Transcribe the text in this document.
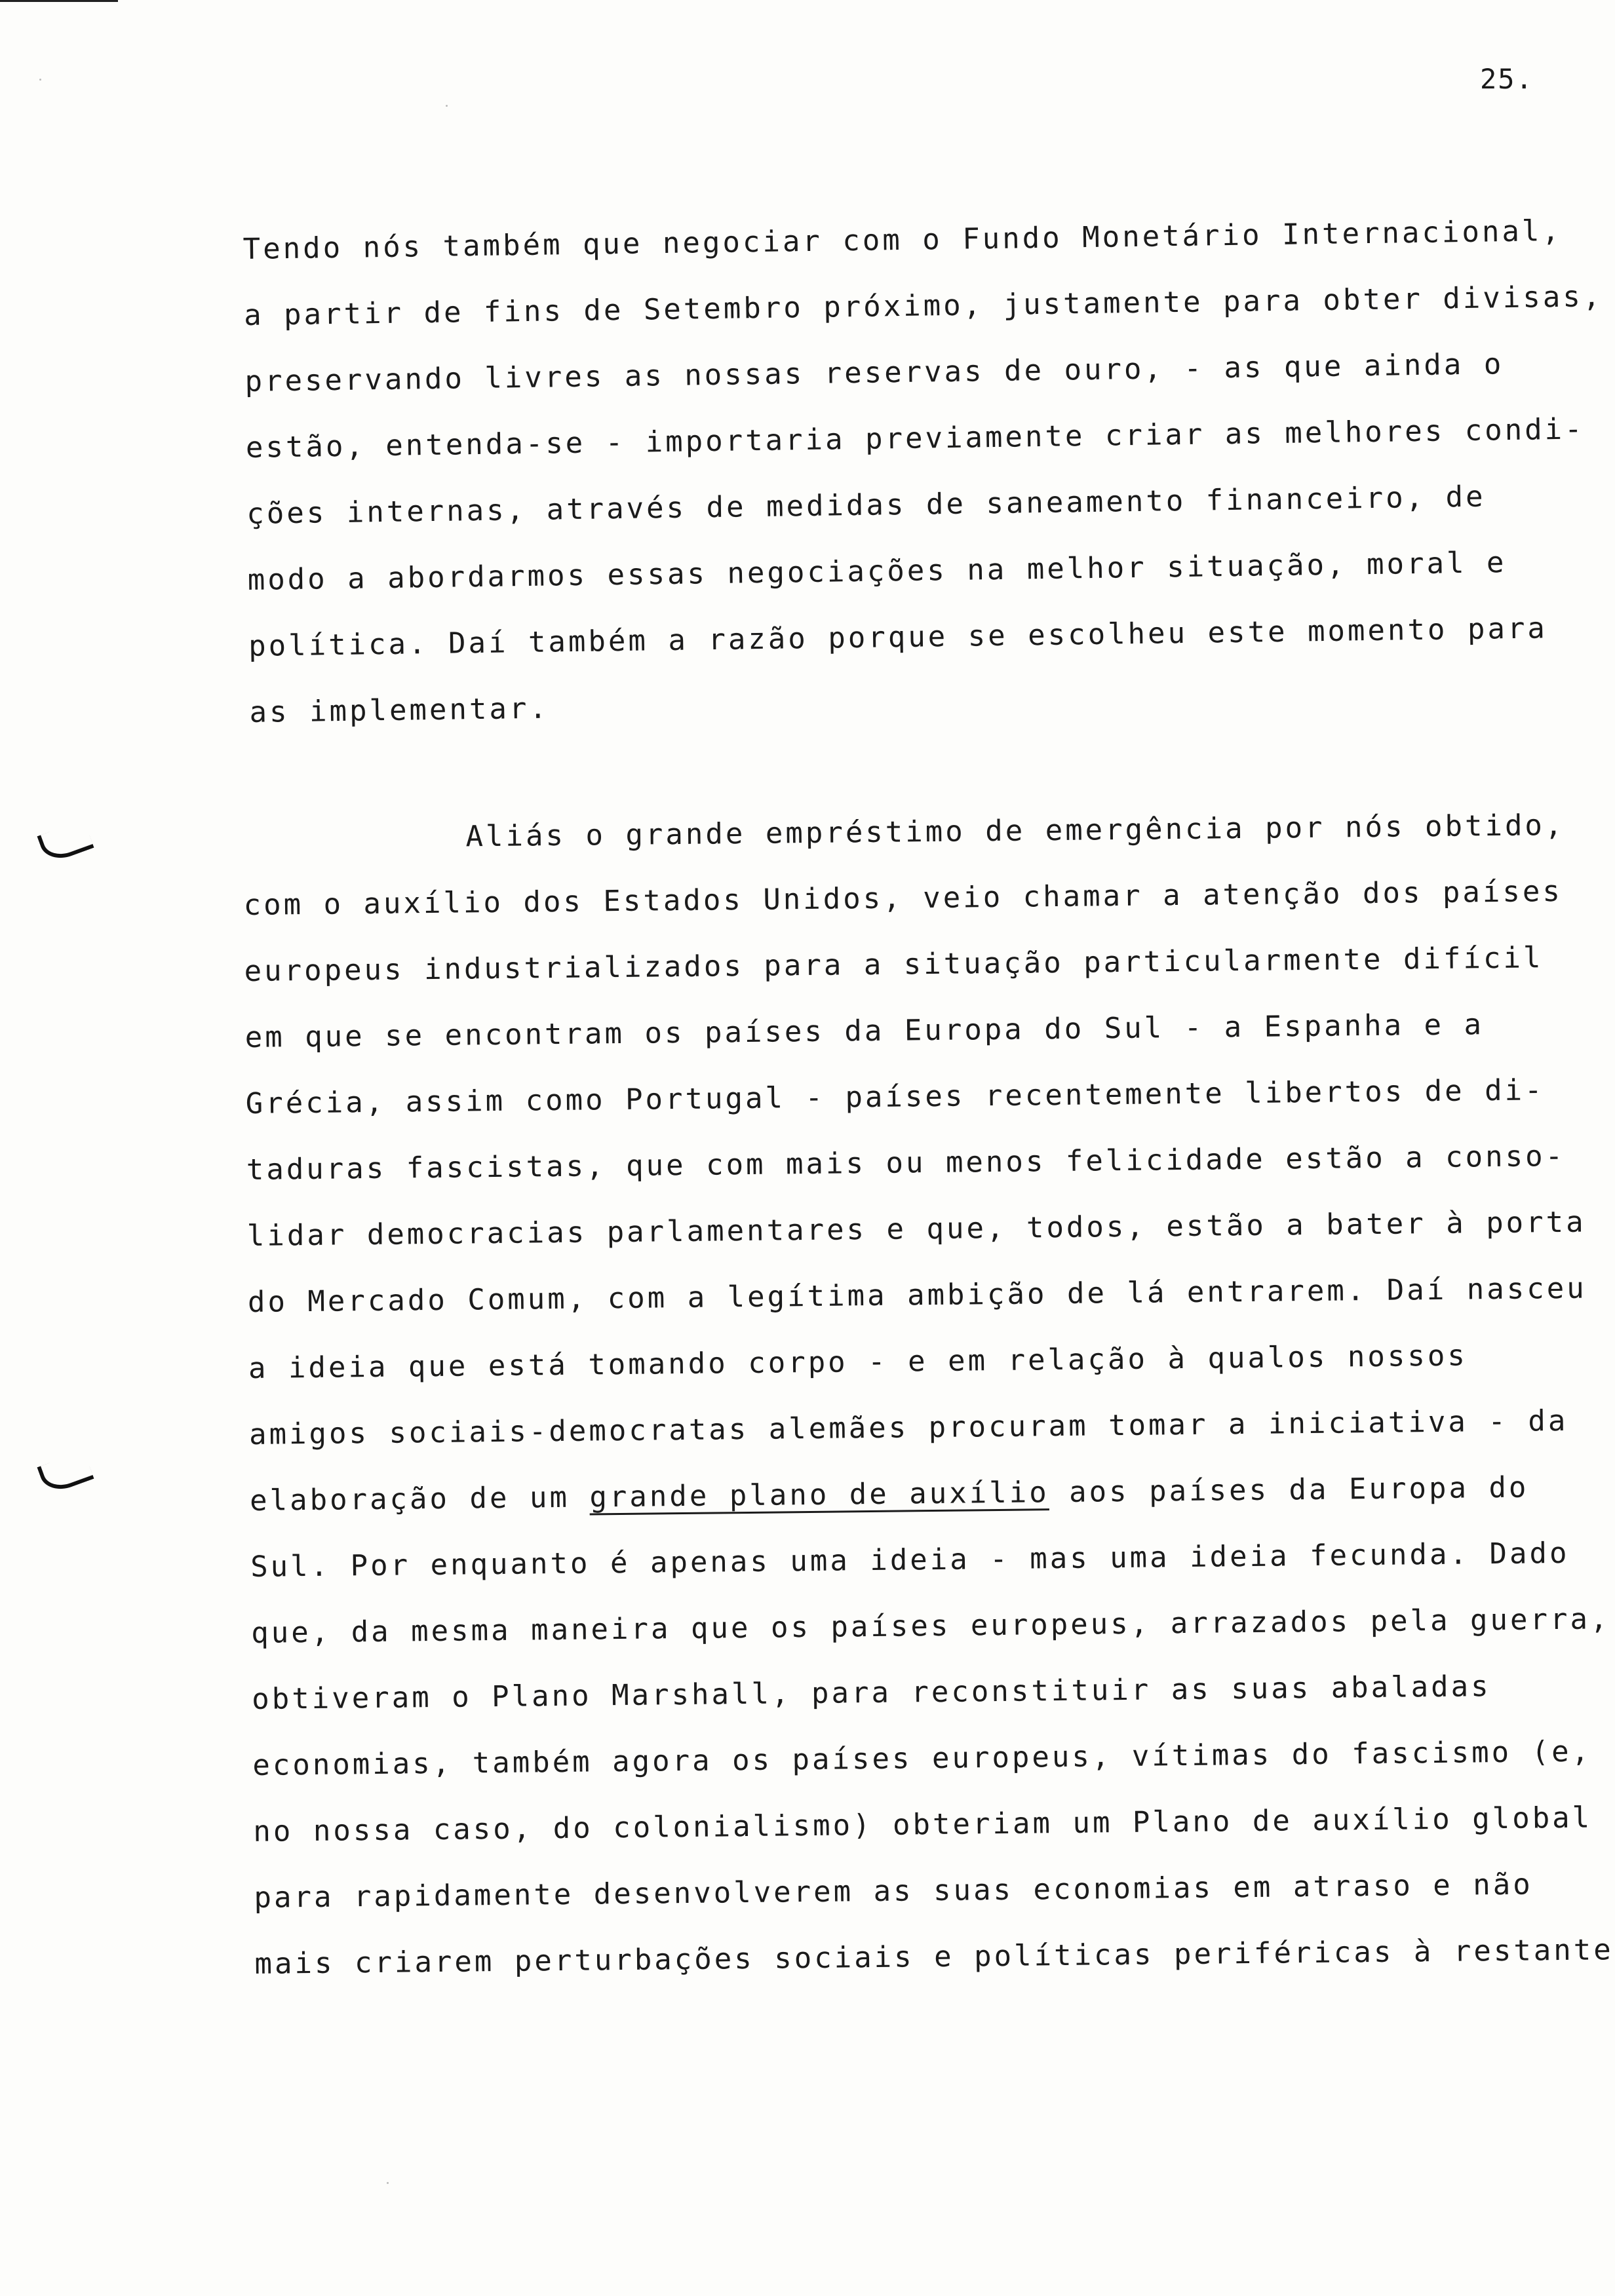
25.
Tendo nós também que negociar com o Fundo Monetário Internacional,
a partir de fins de Setembro próximo, justamente para obter divisas,
preservando livres as nossas reservas de ouro, - as que ainda o
estão, entenda-se - importaria previamente criar as melhores condi-
ções internas, através de medidas de saneamento financeiro, de
modo a abordarmos essas negociações na melhor situação, moral e
política. Daí também a razão porque se escolheu este momento para
as implementar.
Aliás o grande empréstimo de emergência por nós obtido,
com o auxílio dos Estados Unidos, veio chamar a atenção dos países
europeus industrializados para a situação particularmente difícil
em que se encontram os países da Europa do Sul - a Espanha e a
Grécia, assim como Portugal - países recentemente libertos de di-
taduras fascistas, que com mais ou menos felicidade estão a conso-
lidar democracias parlamentares e que, todos, estão a bater à porta
do Mercado Comum, com a legítima ambição de lá entrarem. Daí nasceu
a ideia que está tomando corpo - e em relação à qualos nossos
amigos sociais-democratas alemães procuram tomar a iniciativa - da
elaboração de um grande plano de auxílio aos países da Europa do
Sul. Por enquanto é apenas uma ideia - mas uma ideia fecunda. Dado
que, da mesma maneira que os países europeus, arrazados pela guerra,
obtiveram o Plano Marshall, para reconstituir as suas abaladas
economias, também agora os países europeus, vítimas do fascismo (e,
no nossa caso, do colonialismo) obteriam um Plano de auxílio global
para rapidamente desenvolverem as suas economias em atraso e não
mais criarem perturbações sociais e políticas periféricas à restante
